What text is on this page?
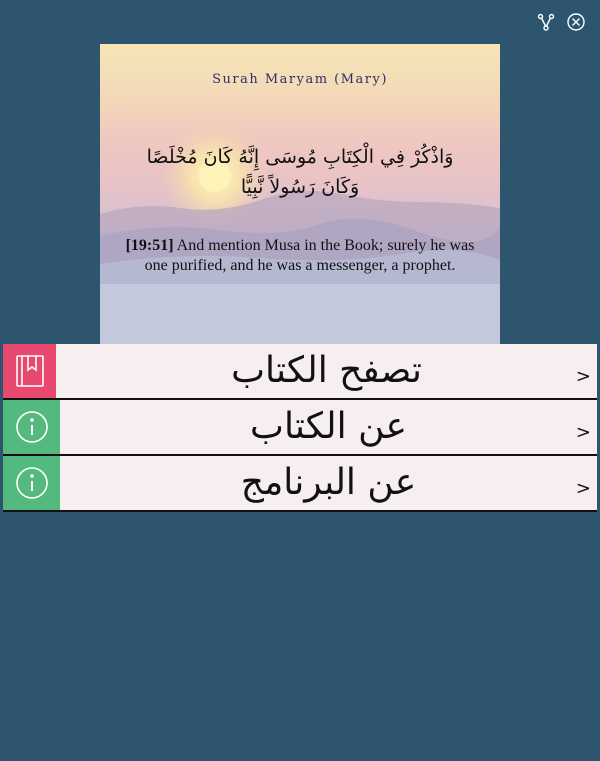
Surah Maryam (Mary)
وَاذْكُرْ فِي الْكِتَابِ مُوسَى إِنَّهُ كَانَ مُخْلَصًا
وَكَانَ رَسُولاً نَّبِيًّا
[19:51] And mention Musa in the Book; surely he was one purified, and he was a messenger, a prophet.
تصفح الكتاب	>
عن الكتاب	>
عن البرنامج	>
